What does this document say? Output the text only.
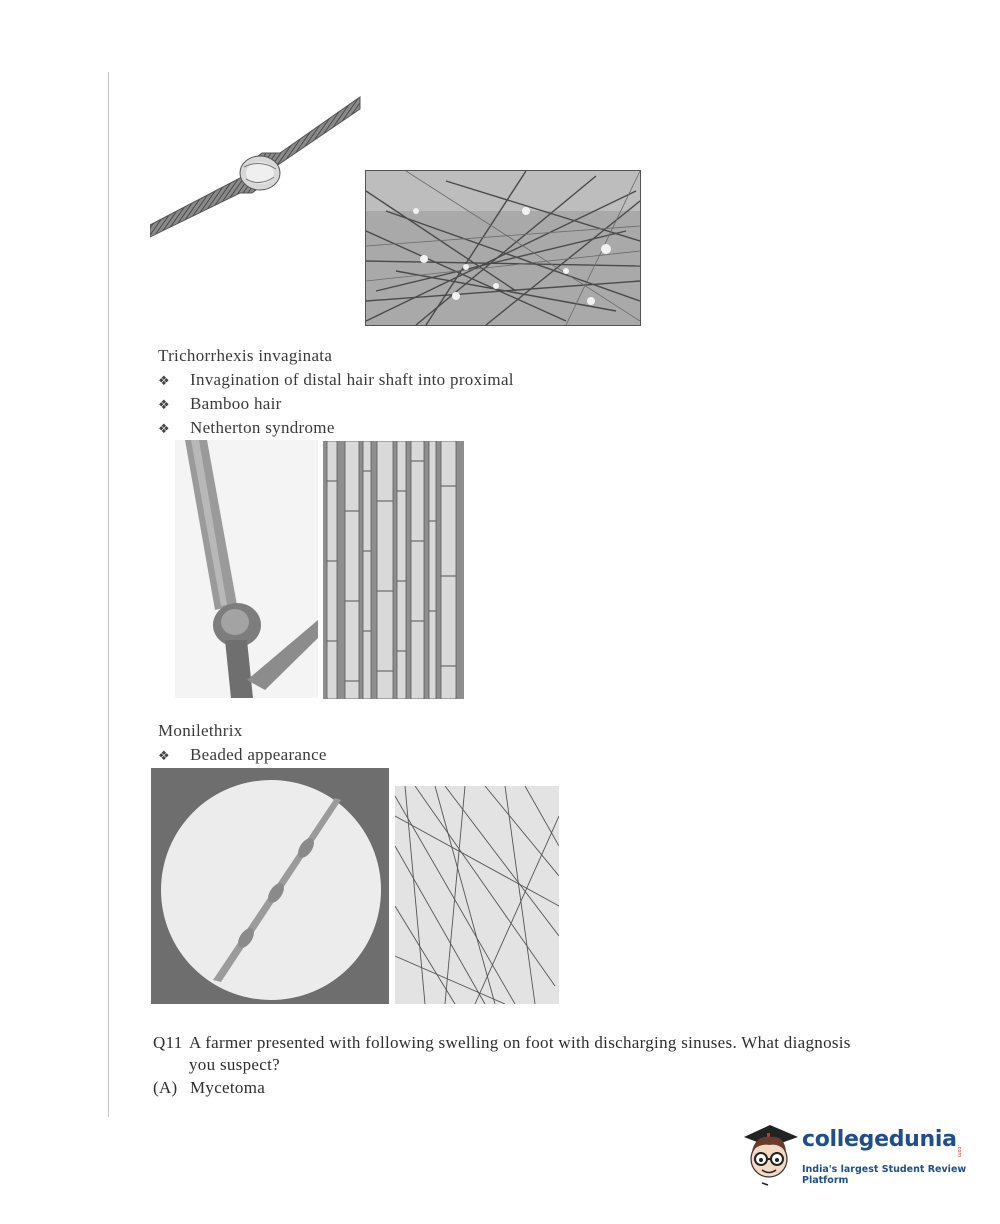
Trichorrhexis invaginata
❖ Invagination of distal hair shaft into proximal
❖ Bamboo hair
❖ Netherton syndrome
Monilethrix
❖ Beaded appearance
Q11 A farmer presented with following swelling on foot with discharging sinuses. What diagnosis
you suspect?
(A) Mycetoma
collegedunia .com
India's largest Student Review Platform
